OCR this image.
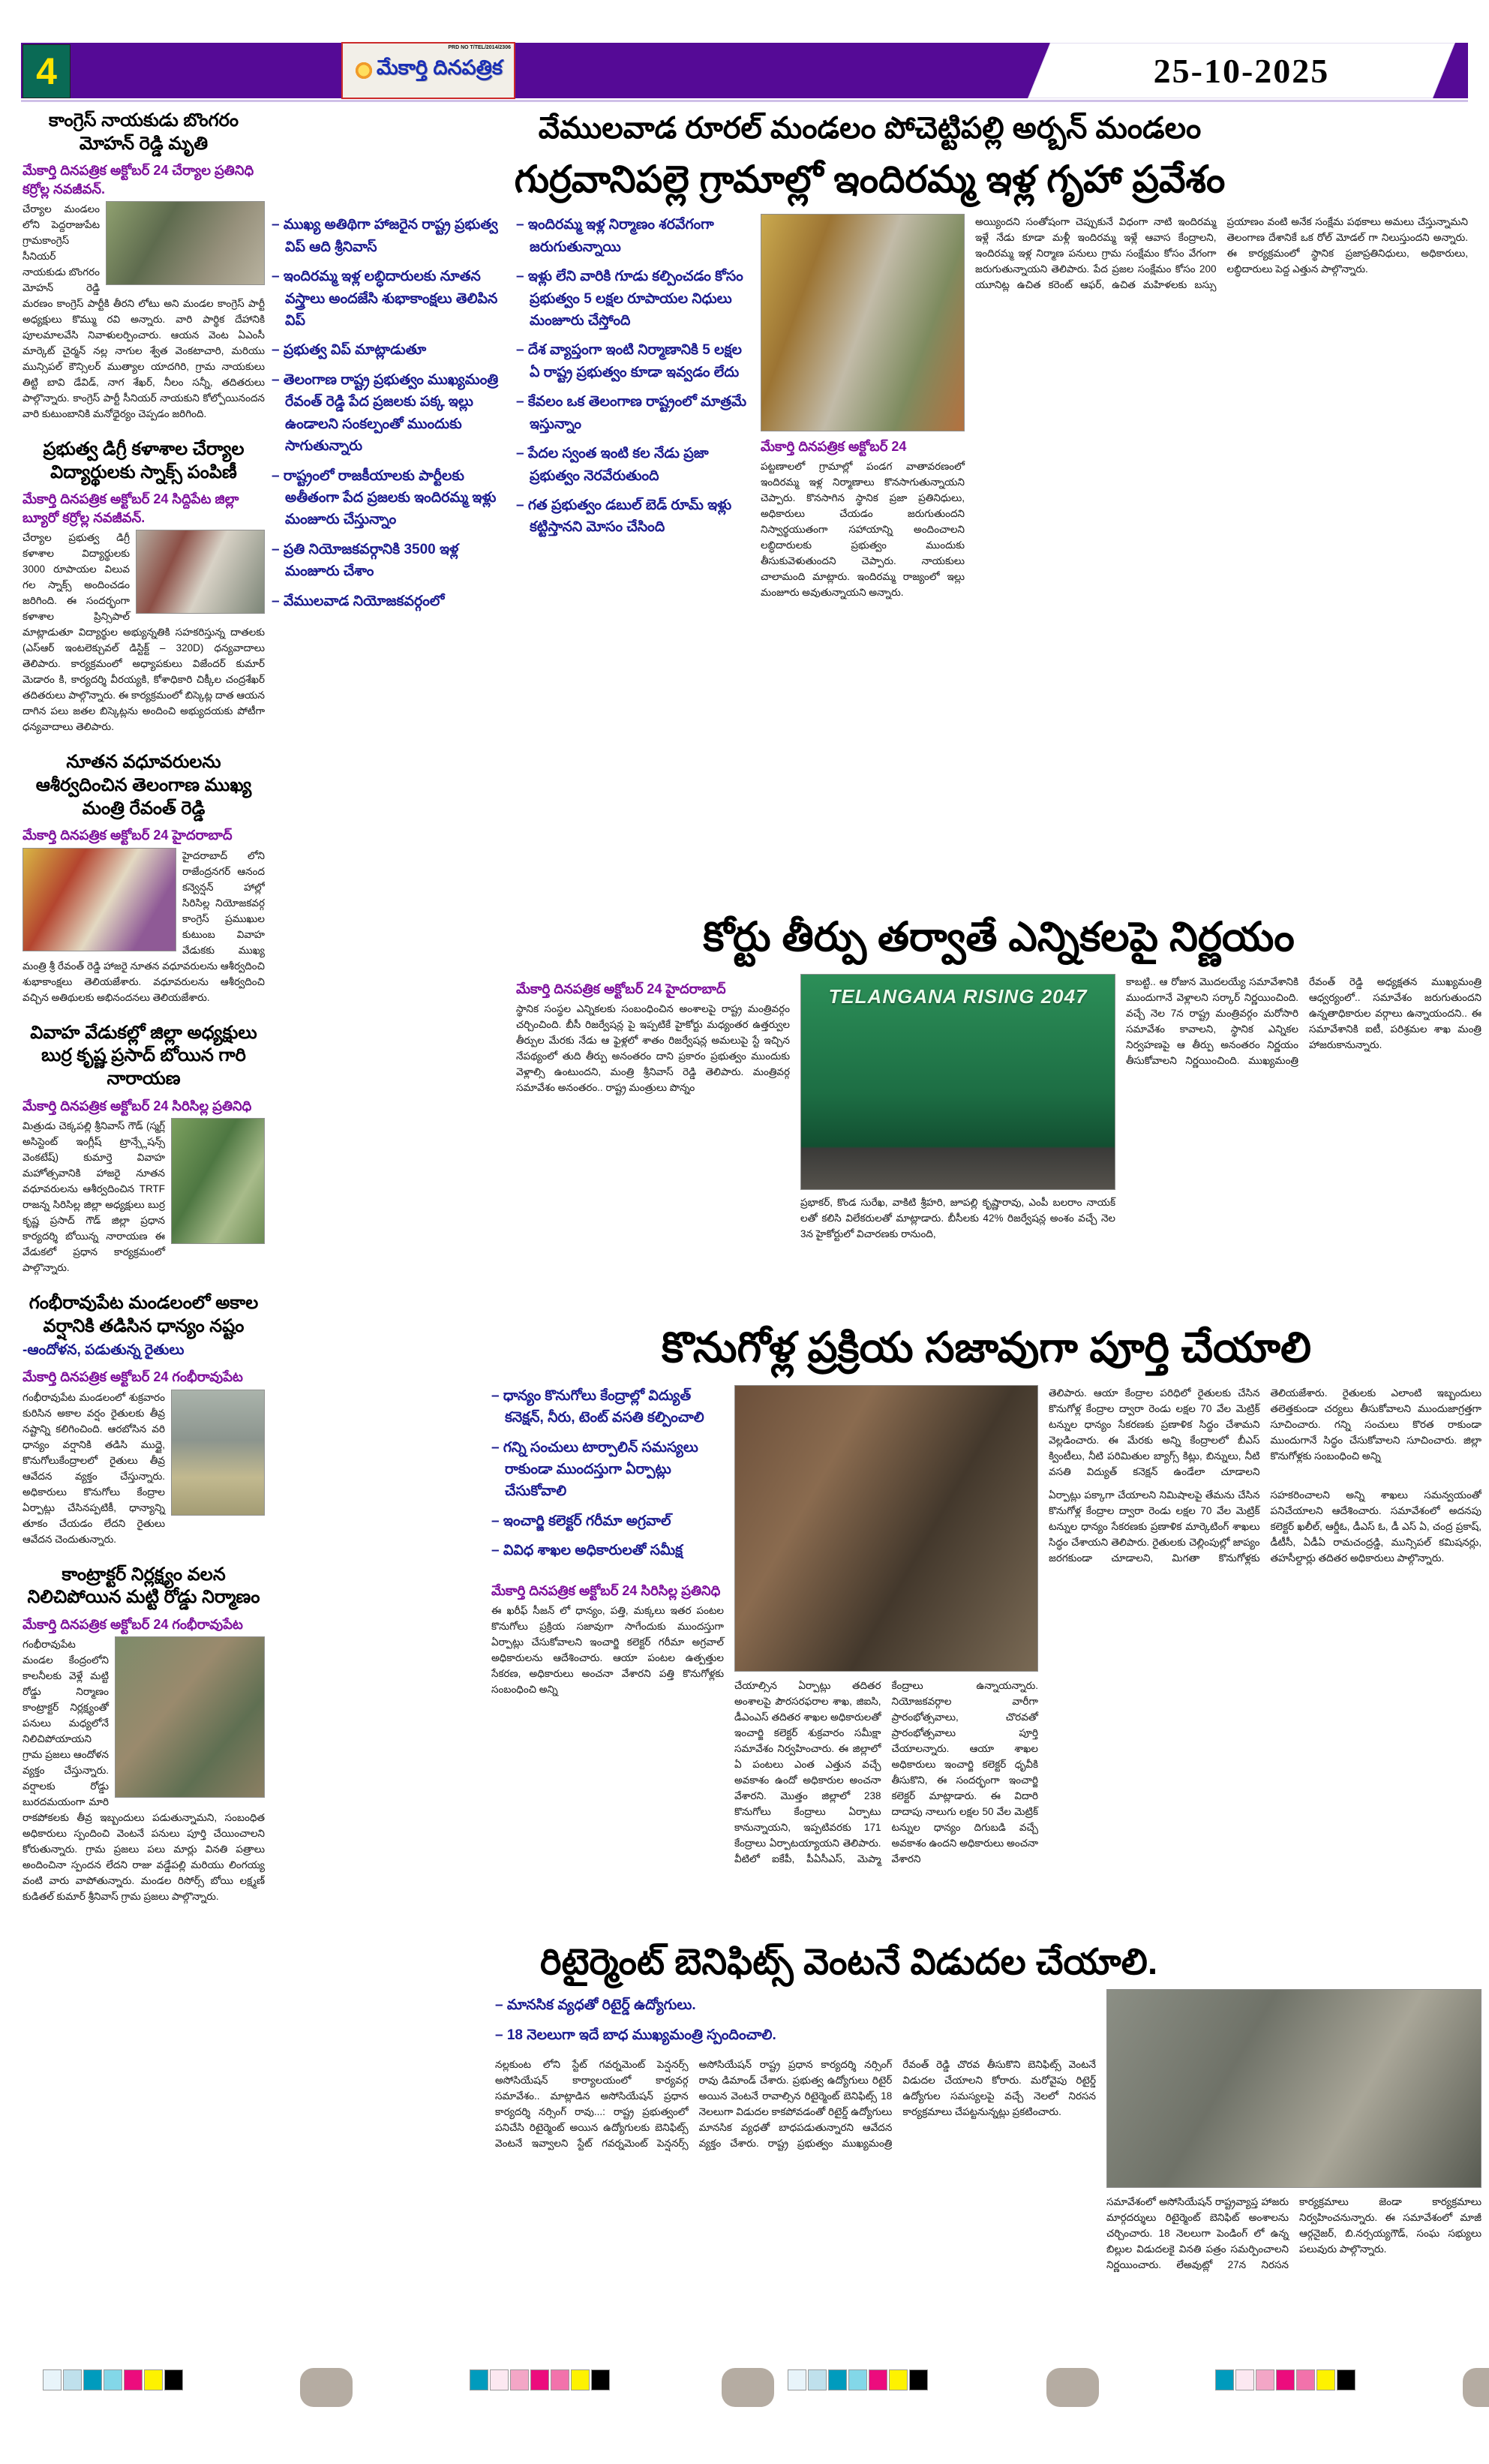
4
PRD NO T/TEL/2014/2306
మేకార్తి దినపత్రిక	25-10-2025
కాంగ్రెస్ నాయకుడు బొంగరం మోహన్ రెడ్డి మృతి
మేకార్తి దినపత్రిక అక్టోబర్ 24 చేర్యాల ప్రతినిధి కర్రోల్ల నవజీవన్.
చేర్యాల మండలం లోని పెద్దరాజుపేట గ్రామకాంగ్రెస్ సీనియర్ నాయకుడు బొంగరం మోహన్ రెడ్డి మరణం కాంగ్రెస్ పార్టీకి తీరని లోటు అని మండల కాంగ్రెస్ పార్టీ అధ్యక్షులు కొమ్ము రవి అన్నారు. వారి పార్థిక దేహానికి పూలమాలవేసి నివాళులర్పించారు. ఆయన వెంట ఏఎంసీ మార్కెట్ చైర్మన్ నల్ల నాగుల శ్వేత వెంకటాచారి, మరియు మున్సిపల్ కౌన్సిలర్ ముత్యాల యాదగిరి, గ్రామ నాయకులు తిట్టి బావి డేవిడ్, నాగ శేఖర్, నీలం సన్నీ, తదితరులు పాల్గొన్నారు. కాంగ్రెస్ పార్టీ సీనియర్ నాయకుని కోల్పోయినందన వారి కుటుంబానికి మనోధైర్యం చెప్పడం జరిగింది.
ప్రభుత్వ డిగ్రీ కళాశాల చేర్యాల విద్యార్థులకు స్నాక్స్ పంపిణీ
మేకార్తి దినపత్రిక అక్టోబర్ 24 సిద్దిపేట జిల్లా బ్యూరో కర్రోల్ల నవజీవన్.
చేర్యాల ప్రభుత్వ డిగ్రీ కళాశాల విద్యార్థులకు 3000 రూపాయల విలువ గల స్నాక్స్ అందించడం జరిగింది. ఈ సందర్భంగా కళాశాల ప్రిన్సిపాల్ మాట్లాడుతూ విద్యార్థుల అభ్యున్నతికి సహకరిస్తున్న దాతలకు (ఎస్ఆర్ ఇంటలెక్చువల్ డిస్టిక్ట్ – 320D) ధన్యవాదాలు తెలిపారు. కార్యక్రమంలో అధ్యాపకులు విజేందర్ కుమార్ మెడారం కి, కార్యదర్శి వీరయ్యకి, కోశాధికారి చిక్కీల చంద్రశేఖర్ తదితరులు పాల్గొన్నారు. ఈ కార్యక్రమంలో బిస్కెట్ల దాత ఆయన దాగిన పలు జతల బిస్కెట్లను అందించి అభ్యుదయకు పోటీగా ధన్యవాదాలు తెలిపారు.
నూతన వధూవరులను ఆశీర్వదించిన తెలంగాణ ముఖ్య మంత్రి రేవంత్ రెడ్డి
మేకార్తి దినపత్రిక అక్టోబర్ 24 హైదరాబాద్
హైదరాబాద్ లోని రాజేంద్రనగర్ ఆనంద కన్వెన్షన్ హాల్లో సిరిసిల్ల నియోజకవర్గ కాంగ్రెస్ ప్రముఖుల కుటుంబ వివాహ వేడుకకు ముఖ్య మంత్రి శ్రీ రేవంత్ రెడ్డి హాజరై నూతన వధూవరులను ఆశీర్వదించి శుభాకాంక్షలు తెలియజేశారు. వధూవరులను ఆశీర్వదించి వచ్చిన అతిథులకు అభినందనలు తెలియజేశారు.
వివాహ వేడుకల్లో జిల్లా అధ్యక్షులు బుర్ర కృష్ణ ప్రసాద్ బోయిన గారి నారాయణ
మేకార్తి దినపత్రిక అక్టోబర్ 24 సిరిసిల్ల ప్రతినిధి
మిత్రుడు చెక్కపల్లి శ్రీనివాస్ గౌడ్ (స్మగ్ల్ అసిస్టెంట్ ఇంగ్లీష్ ట్రాన్స్లేషన్స్ వెంకటేష్) కుమార్తె వివాహ మహోత్సవానికి హాజరై నూతన వధూవరులను ఆశీర్వదించిన TRTF రాజన్న సిరిసిల్ల జిల్లా అధ్యక్షులు బుర్ర కృష్ణ ప్రసాద్ గౌడ్ జిల్లా ప్రధాన కార్యదర్శి బోయిన్న నారాయణ ఈ వేడుకలో ప్రధాన కార్యక్రమంలో పాల్గొన్నారు.
గంభీరావుపేట మండలంలో అకాల వర్షానికి తడిసిన ధాన్యం నష్టం
-ఆందోళన, పడుతున్న రైతులు
మేకార్తి దినపత్రిక అక్టోబర్ 24 గంభీరావుపేట
గంభీరావుపేట మండలంలో శుక్రవారం కురిసిన అకాల వర్షం రైతులకు తీవ్ర నష్టాన్ని కలిగించింది. ఆరబోసిన వరి ధాన్యం వర్షానికి తడిసి ముద్దై, కొనుగోలుకేంద్రాలలో రైతులు తీవ్ర ఆవేదన వ్యక్తం చేస్తున్నారు. అధికారులు కొనుగోలు కేంద్రాల ఏర్పాట్లు చేసినప్పటికీ, ధాన్యాన్ని తూకం చేయడం లేదని రైతులు ఆవేదన చెందుతున్నారు.
కాంట్రాక్టర్ నిర్లక్ష్యం వలన నిలిచిపోయిన మట్టి రోడ్డు నిర్మాణం
మేకార్తి దినపత్రిక అక్టోబర్ 24 గంభీరావుపేట
గంభీరావుపేట మండల కేంద్రంలోని కాలనీలకు వెళ్లే మట్టి రోడ్డు నిర్మాణం కాంట్రాక్టర్ నిర్లక్ష్యంతో పనులు మధ్యలోనే నిలిచిపోయాయని గ్రామ ప్రజలు ఆందోళన వ్యక్తం చేస్తున్నారు. వర్షాలకు రోడ్డు బురదమయంగా మారి రాకపోకలకు తీవ్ర ఇబ్బందులు పడుతున్నామని, సంబంధిత అధికారులు స్పందించి వెంటనే పనులు పూర్తి చేయించాలని కోరుతున్నారు. గ్రామ ప్రజలు పలు మార్లు వినతి పత్రాలు అందించినా స్పందన లేదని రాజు వడ్డేపల్లి మరియు లింగయ్య వంటి వారు వాపోతున్నారు. మండల రిసోర్స్ బోయి లక్ష్మణ్ కుడితల్ కుమార్ శ్రీనివాస్ గ్రామ ప్రజలు పాల్గొన్నారు.
వేములవాడ రూరల్ మండలం పోచెట్టిపల్లి అర్బన్ మండలం
గుర్రవానిపల్లె గ్రామాల్లో ఇందిరమ్మ ఇళ్ల గృహా ప్రవేశం
– ముఖ్య అతిథిగా హాజరైన రాష్ట్ర ప్రభుత్వ విప్ ఆది శ్రీనివాస్
– ఇందిరమ్మ ఇళ్ల లబ్ధిదారులకు నూతన వస్త్రాలు అందజేసి శుభాకాంక్షలు తెలిపిన విప్
– ప్రభుత్వ విప్ మాట్లాడుతూ
– తెలంగాణ రాష్ట్ర ప్రభుత్వం ముఖ్యమంత్రి రేవంత్ రెడ్డి పేద ప్రజలకు పక్క ఇల్లు ఉండాలని సంకల్పంతో ముందుకు సాగుతున్నారు
– రాష్ట్రంలో రాజకీయాలకు పార్టీలకు అతీతంగా పేద ప్రజలకు ఇందిరమ్మ ఇళ్లు మంజూరు చేస్తున్నాం
– ప్రతి నియోజకవర్గానికి 3500 ఇళ్ల మంజూరు చేశాం
– వేములవాడ నియోజకవర్గంలో
– ఇందిరమ్మ ఇళ్ల నిర్మాణం శరవేగంగా జరుగుతున్నాయి
– ఇళ్లు లేని వారికి గూడు కల్పించడం కోసం ప్రభుత్వం 5 లక్షల రూపాయల నిధులు మంజూరు చేస్తోంది
– దేశ వ్యాప్తంగా ఇంటి నిర్మాణానికి 5 లక్షల ఏ రాష్ట్ర ప్రభుత్వం కూడా ఇవ్వడం లేదు
– కేవలం ఒక తెలంగాణ రాష్ట్రంలో మాత్రమే ఇస్తున్నాం
– పేదల స్వంత ఇంటి కల నేడు ప్రజా ప్రభుత్వం నెరవేరుతుంది
– గత ప్రభుత్వం డబుల్ బెడ్ రూమ్ ఇళ్లు కట్టిస్తానని మోసం చేసింది
మేకార్తి దినపత్రిక అక్టోబర్ 24
పట్టణాలలో గ్రామాల్లో పండగ వాతావరణంలో ఇందిరమ్మ ఇళ్ల నిర్మాణాలు కొనసాగుతున్నాయని చెప్పారు. కొనసాగిన స్థానిక ప్రజా ప్రతినిధులు, అధికారులు చేయడం జరుగుతుందని నిస్వార్థయుతంగా సహాయాన్ని అందించాలని లబ్ధిదారులకు ప్రభుత్వం ముందుకు తీసుకువెళుతుందని చెప్పారు. నాయకులు చాలామంది మాట్లారు. ఇందిరమ్మ రాజ్యంలో ఇల్లు మంజూరు అవుతున్నాయని అన్నారు.
అయ్యిందని సంతోషంగా చెప్పుకునే విధంగా నాటి ఇందిరమ్మ ఇళ్లే నేడు కూడా మళ్లీ ఇందిరమ్మ ఇళ్లే ఆవాస కేంద్రాలని, ఇందిరమ్మ ఇళ్ల నిర్మాణ పనులు గ్రామ సంక్షేమం కోసం వేగంగా జరుగుతున్నాయని తెలిపారు. పేద ప్రజల సంక్షేమం కోసం 200 యూనిట్ల ఉచిత కరెంట్ ఆఫర్, ఉచిత మహిళలకు బస్సు ప్రయాణం వంటి అనేక సంక్షేమ పథకాలు అమలు చేస్తున్నామని తెలంగాణ దేశానికే ఒక రోల్ మోడల్ గా నిలుస్తుందని అన్నారు. ఈ కార్యక్రమంలో స్థానిక ప్రజాప్రతినిధులు, అధికారులు, లబ్ధిదారులు పెద్ద ఎత్తున పాల్గొన్నారు.
కోర్టు తీర్పు తర్వాతే ఎన్నికలపై నిర్ణయం
మేకార్తి దినపత్రిక అక్టోబర్ 24 హైదరాబాద్
స్థానిక సంస్థల ఎన్నికలకు సంబంధించిన అంశాలపై రాష్ట్ర మంత్రివర్గం చర్చించింది. బీసీ రిజర్వేషన్ల పై ఇప్పటికే హైకోర్టు మధ్యంతర ఉత్తర్వుల తీర్పుల మేరకు నేడు ఆ ఫైళ్లలో శాతం రిజర్వేషన్ల అమలుపై స్టే ఇచ్చిన నేపథ్యంలో తుది తీర్పు అనంతరం దాని ప్రకారం ప్రభుత్వం ముందుకు వెళ్లాల్సి ఉంటుందని, మంత్రి శ్రీనివాస్ రెడ్డి తెలిపారు. మంత్రివర్గ సమావేశం అనంతరం.. రాష్ట్ర మంత్రులు పొన్నం
TELANGANA RISING 2047
ప్రభాకర్, కొండ సురేఖ, వాకిటి శ్రీహరి, జూపల్లి కృష్ణారావు, ఎంపీ బలరాం నాయక్ లతో కలిసి విలేకరులతో మాట్లాడారు. బీసీలకు 42% రిజర్వేషన్ల అంశం వచ్చే నెల 3న హైకోర్టులో విచారణకు రానుంది,
కాబట్టి.. ఆ రోజున మొదలయ్యే సమావేశానికి ముందుగానే వెళ్లాలని సర్కార్ నిర్ణయించింది. వచ్చే నెల 7న రాష్ట్ర మంత్రివర్గం మరోసారి సమావేశం కావాలని, స్థానిక ఎన్నికల నిర్వహణపై ఆ తీర్పు అనంతరం నిర్ణయం తీసుకోవాలని నిర్ణయించింది. ముఖ్యమంత్రి రేవంత్ రెడ్డి అధ్యక్షతన ముఖ్యమంత్రి ఆధ్వర్యంలో.. సమావేశం జరుగుతుందని ఉన్నతాధికారుల వర్గాలు ఉన్నాయందని.. ఈ సమావేశానికి ఐటీ, పరిశ్రమల శాఖ మంత్రి హాజరుకానున్నారు.
కొనుగోళ్ల ప్రక్రియ సజావుగా పూర్తి చేయాలి
– ధాన్యం కొనుగోలు కేంద్రాల్లో విద్యుత్ కనెక్షన్, నీరు, టెంట్ వసతి కల్పించాలి
– గన్ని సంచులు టార్పాలిన్ సమస్యలు రాకుండా ముందస్తుగా ఏర్పాట్లు చేసుకోవాలి
– ఇంచార్జి కలెక్టర్ గరీమా అగ్రవాల్
– వివిధ శాఖల అధికారులతో సమీక్ష
మేకార్తి దినపత్రిక అక్టోబర్ 24 సిరిసిల్ల ప్రతినిధి
ఈ ఖరీఫ్ సీజన్ లో ధాన్యం, పత్తి, మక్కలు ఇతర పంటల కొనుగోలు ప్రక్రియ సజావుగా సాగేందుకు ముందస్తుగా ఏర్పాట్లు చేసుకోవాలని ఇంచార్జి కలెక్టర్ గరీమా అగ్రవాల్ అధికారులను ఆదేశించారు. ఆయా పంటల ఉత్పత్తుల సేకరణ, అధికారులు అంచనా వేశారని పత్తి కొనుగోళ్లకు సంబంధించి అన్ని	చేయాల్సిన ఏర్పాట్లు తదితర అంశాలపై పౌరసరఫరాల శాఖ, జిఐసి, డీఎంఎస్ తదితర శాఖల అధికారులతో ఇంచార్జి కలెక్టర్ శుక్రవారం సమీక్షా సమావేశం నిర్వహించారు. ఈ జిల్లాలో ఏ పంటలు ఎంత ఎత్తున వచ్చే అవకాశం ఉందో అధికారుల అంచనా వేశారని. మొత్తం జిల్లాలో 238 కొనుగోలు కేంద్రాలు ఏర్పాటు కానున్నాయని, ఇప్పటివరకు 171 కేంద్రాలు ఏర్పాటయ్యాయని తెలిపారు. వీటిలో ఐకేపీ, పీఏసీఎస్, మెప్మా కేంద్రాలు ఉన్నాయన్నారు. నియోజకవర్గాల వారీగా ప్రారంభోత్సవాలు, చొరవతో ప్రారంభోత్సవాలు పూర్తి చేయాలన్నారు. ఆయా శాఖల అధికారులు ఇంచార్జి కలెక్టర్ ధృవీకి తీసుకొని, ఈ సందర్భంగా ఇంచార్జి కలెక్టర్ మాట్లాడారు. ఈ విదారి దాదాపు నాలుగు లక్షల 50 వేల మెట్రిక్ టన్నుల ధాన్యం దిగుబడి వచ్చే అవకాశం ఉందని అధికారులు అంచనా వేశారని
తెలిపారు. ఆయా కేంద్రాల పరిధిలో రైతులకు చేసిన కొనుగోళ్ల కేంద్రాల ద్వారా రెండు లక్షల 70 వేల మెట్రిక్ టన్నుల ధాన్యం సేకరణకు ప్రణాళిక సిద్ధం చేశామని వెల్లడించారు. ఈ మేరకు అన్ని కేంద్రాలలో బీఎస్ క్వింటీలు, నీటి పరిమితుల బ్యాగ్స్ కిట్లు, బిన్నులు, నీటి వసతి విద్యుత్ కనెక్షన్ ఉండేలా చూడాలని తెలియజేశారు. రైతులకు ఎలాంటి ఇబ్బందులు తలెత్తకుండా చర్యలు తీసుకోవాలని ముందుజాగ్రత్తగా సూచించారు. గన్ని సంచులు కొరత రాకుండా ముందుగానే సిద్ధం చేసుకోవాలని సూచించారు. జిల్లా కొనుగోళ్లకు సంబంధించి అన్ని
ఏర్పాట్లు పక్కాగా చేయాలని నిమిషాలపై తేమను చేసిన కొనుగోళ్ల కేంద్రాల ద్వారా రెండు లక్షల 70 వేల మెట్రిక్ టన్నుల ధాన్యం సేకరణకు ప్రణాళిక మార్కెటింగ్ శాఖలు సిద్ధం చేశాయని తెలిపారు. రైతులకు చెల్లింపుల్లో జాప్యం జరగకుండా చూడాలని, మిగతా కొనుగోళ్లకు సహకరించాలని అన్ని శాఖలు సమన్వయంతో పనిచేయాలని ఆదేశించారు. సమావేశంలో అదనపు కలెక్టర్ ఖలీల్, ఆర్డీఓ, డీఎస్ ఓ, డీ ఎస్ ఏ, చంద్ర ప్రకాష్, డీటీసీ, ఏడీఏ రామచంద్రడ్డి, మున్సిపల్ కమిషనర్లు, తహసీల్దార్లు తదితర అధికారులు పాల్గొన్నారు.
రిటైర్మెంట్ బెనిఫిట్స్ వెంటనే విడుదల చేయాలి.
– మానసిక వ్యధతో రిటైర్డ్ ఉద్యోగులు.
– 18 నెలలుగా ఇదే బాధ ముఖ్యమంత్రి స్పందించాలి.
నల్లకుంట లోని స్టేట్ గవర్నమెంట్ పెన్షనర్స్ అసోసియేషన్ కార్యాలయంలో కార్యవర్గ సమావేశం.. మాట్లాడిన అసోసియేషన్ ప్రధాన కార్యదర్శి నర్సింగ్ రావు...: రాష్ట్ర ప్రభుత్వంలో పనిచేసి రిటైర్మెంట్ అయిన ఉద్యోగులకు బెనిఫిట్స్ వెంటనే ఇవ్వాలని స్టేట్ గవర్నమెంట్ పెన్షనర్స్ అసోసియేషన్ రాష్ట్ర ప్రధాన కార్యదర్శి నర్సింగ్ రావు డిమాండ్ చేశారు. ప్రభుత్వ ఉద్యోగులు రిటైర్ అయిన వెంటనే రావాల్సిన రిటైర్మెంట్ బెనిఫిట్స్ 18 నెలలుగా విడుదల కాకపోవడంతో రిటైర్డ్ ఉద్యోగులు మానసిక వ్యధతో బాధపడుతున్నారని ఆవేదన వ్యక్తం చేశారు. రాష్ట్ర ప్రభుత్వం ముఖ్యమంత్రి రేవంత్ రెడ్డి చొరవ తీసుకొని బెనిఫిట్స్ వెంటనే విడుదల చేయాలని కోరారు. మరోవైపు రిటైర్డ్ ఉద్యోగుల సమస్యలపై వచ్చే నెలలో నిరసన కార్యక్రమాలు చేపట్టనున్నట్లు ప్రకటించారు.
సమావేశంలో అసోసియేషన్ రాష్ట్రవ్యాప్త హాజరు మార్గదర్శులు రిటైర్మెంట్ బెనిఫిట్ అంశాలను చర్చించారు. 18 నెలలుగా పెండింగ్ లో ఉన్న బిల్లుల విడుదలకై వినతి పత్రం సమర్పించాలని నిర్ణయించారు. లేఅవుట్లో 27న నిరసన కార్యక్రమాలు జెండా కార్యక్రమాలు నిర్వహించనున్నారు. ఈ సమావేశంలో మాజీ ఆర్గనైజర్, బి.నర్సయ్యగౌడ్, సంఘ సభ్యులు పలువురు పాల్గొన్నారు.
